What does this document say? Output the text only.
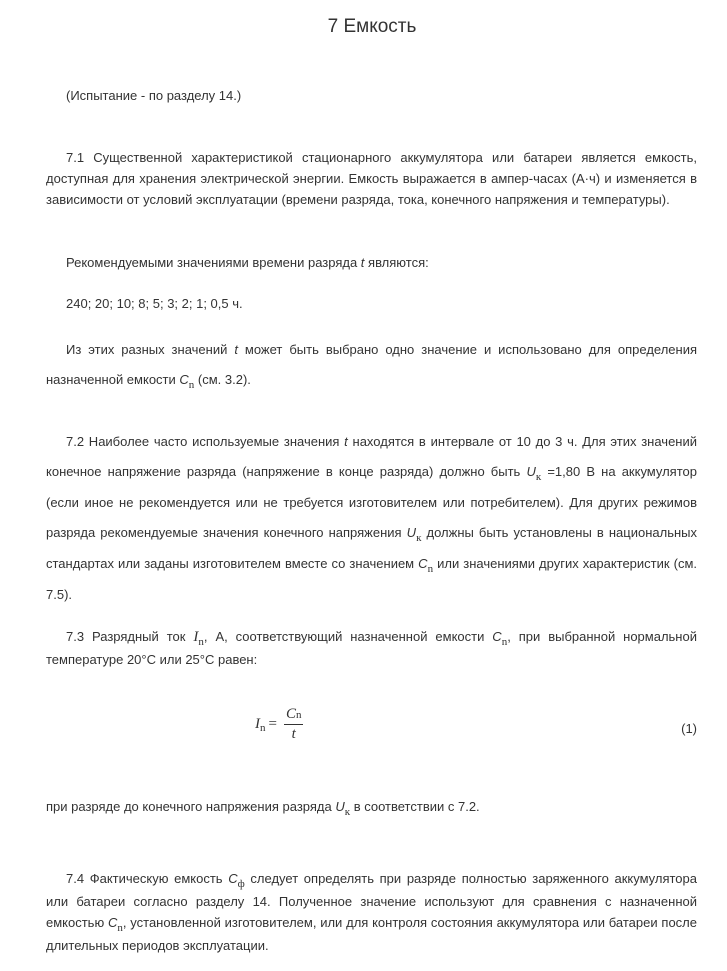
7 Емкость

(Испытание - по разделу 14.)

7.1 Существенной характеристикой стационарного аккумулятора или батареи является емкость, доступная для хранения электрической энергии. Емкость выражается в ампер-часах (А·ч) и изменяется в зависимости от условий эксплуатации (времени разряда, тока, конечного напряжения и температуры).

Рекомендуемыми значениями времени разряда t являются:

240; 20; 10; 8; 5; 3; 2; 1; 0,5 ч.

Из этих разных значений t может быть выбрано одно значение и использовано для определения назначенной емкости $C_n$ (см. 3.2).

7.2 Наиболее часто используемые значения t находятся в интервале от 10 до 3 ч. Для этих значений конечное напряжение разряда (напряжение в конце разряда) должно быть $U_к =1,80$ В на аккумулятор (если иное не рекомендуется или не требуется изготовителем или потребителем). Для других режимов разряда рекомендуемые значения конечного напряжения $U_к$ должны быть установлены в национальных стандартах или заданы изготовителем вместе со значением $C_n$ или значениями других характеристик (см. 7.5).

7.3 Разрядный ток $I_n$, А, соответствующий назначенной емкости $C_n$, при выбранной нормальной температуре 20°C или 25°C равен:

I $n = \frac{Cn}{t}$	(1)

при разряде до конечного напряжения разряда $U_к$ в соответствии с 7.2.

7.4 Фактическую емкость $C_ф$ следует определять при разряде полностью заряженного аккумулятора или батареи согласно разделу 14. Полученное значение используют для сравнения с назначенной емкостью $C_n$, установленной изготовителем, или для контроля состояния аккумулятора или батареи после длительных периодов эксплуатации.
